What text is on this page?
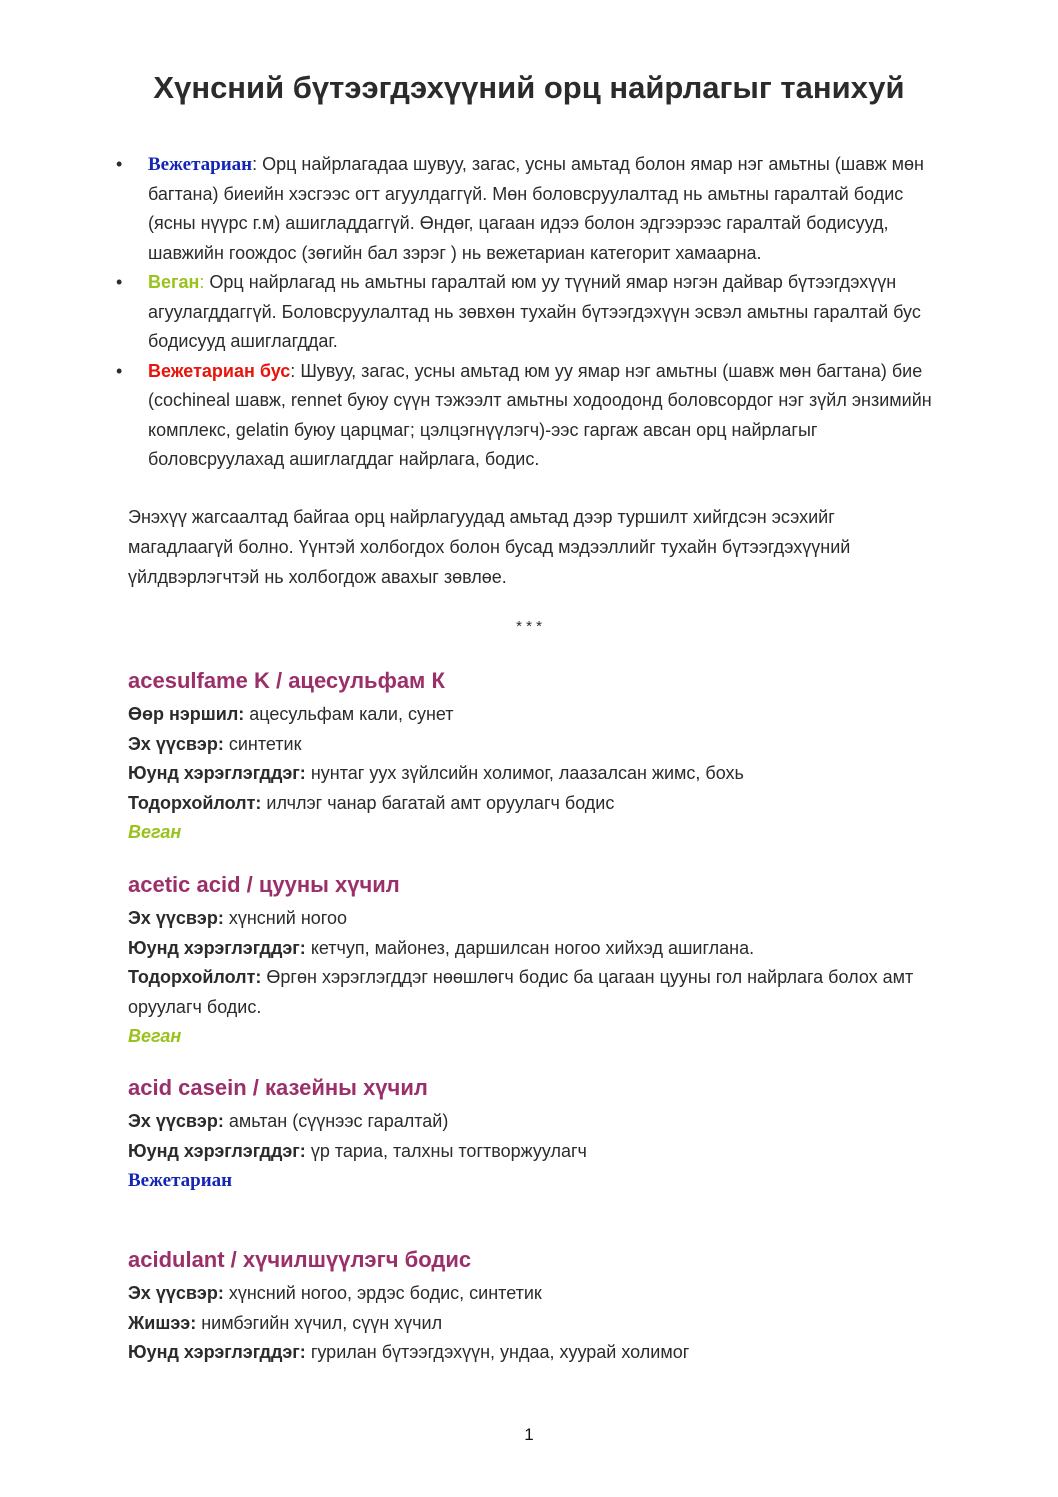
Хүнсний бүтээгдэхүүний орц найрлагыг танихуй
• Вежетариан: Орц найрлагадаа шувуу, загас, усны амьтад болон ямар нэг амьтны (шавж мөн багтана) биеийн хэсгээс огт агуулдаггүй. Мөн боловсруулалтад нь амьтны гаралтай бодис (ясны нүүрс г.м) ашигладдаггүй. Өндөг, цагаан идээ болон эдгээрээс гаралтай бодисууд, шавжийн гоождос (зөгийн бал зэрэг ) нь вежетариан категорит хамаарна.
• Веган: Орц найрлагад нь амьтны гаралтай юм уу түүний ямар нэгэн дайвар бүтээгдэхүүн агуулагддаггүй. Боловсруулалтад нь зөвхөн тухайн бүтээгдэхүүн эсвэл амьтны гаралтай бус бодисууд ашиглагддаг.
• Вежетариан бус: Шувуу, загас, усны амьтад юм уу ямар нэг амьтны (шавж мөн багтана) бие (cochineal шавж, rennet буюу сүүн тэжээлт амьтны ходоодонд боловсордог нэг зүйл энзимийн комплекс, gelatin буюу царцмаг; цэлцэгнүүлэгч)-ээс гаргаж авсан орц найрлагыг боловсруулахад ашиглагддаг найрлага, бодис.

Энэхүү жагсаалтад байгаа орц найрлагуудад амьтад дээр туршилт хийгдсэн эсэхийг магадлаагүй болно. Үүнтэй холбогдох болон бусад мэдээллийг тухайн бүтээгдэхүүний үйлдвэрлэгчтэй нь холбогдож авахыг зөвлөе.

* * *
acesulfame K / ацесульфам К
Өөр нэршил: ацесульфам кали, сунет
Эх үүсвэр: синтетик
Юунд хэрэглэгддэг: нунтаг уух зүйлсийн холимог, лаазалсан жимс, бохь
Тодорхойлолт: илчлэг чанар багатай амт оруулагч бодис
Веган
acetic acid / цууны хүчил
Эх үүсвэр: хүнсний ногоо
Юунд хэрэглэгддэг: кетчуп, майонез, даршилсан ногоо хийхэд ашиглана.
Тодорхойлолт: Өргөн хэрэглэгддэг нөөшлөгч бодис ба цагаан цууны гол найрлага болох амт оруулагч бодис.
Веган
acid casein / казейны хүчил
Эх үүсвэр: амьтан (сүүнээс гаралтай)
Юунд хэрэглэгддэг: үр тариа, талхны тогтворжуулагч
Вежетариан
acidulant / хүчилшүүлэгч бодис
Эх үүсвэр: хүнсний ногоо, эрдэс бодис, синтетик
Жишээ: нимбэгийн хүчил, сүүн хүчил
Юунд хэрэглэгддэг: гурилан бүтээгдэхүүн, ундаа, хуурай холимог
1
